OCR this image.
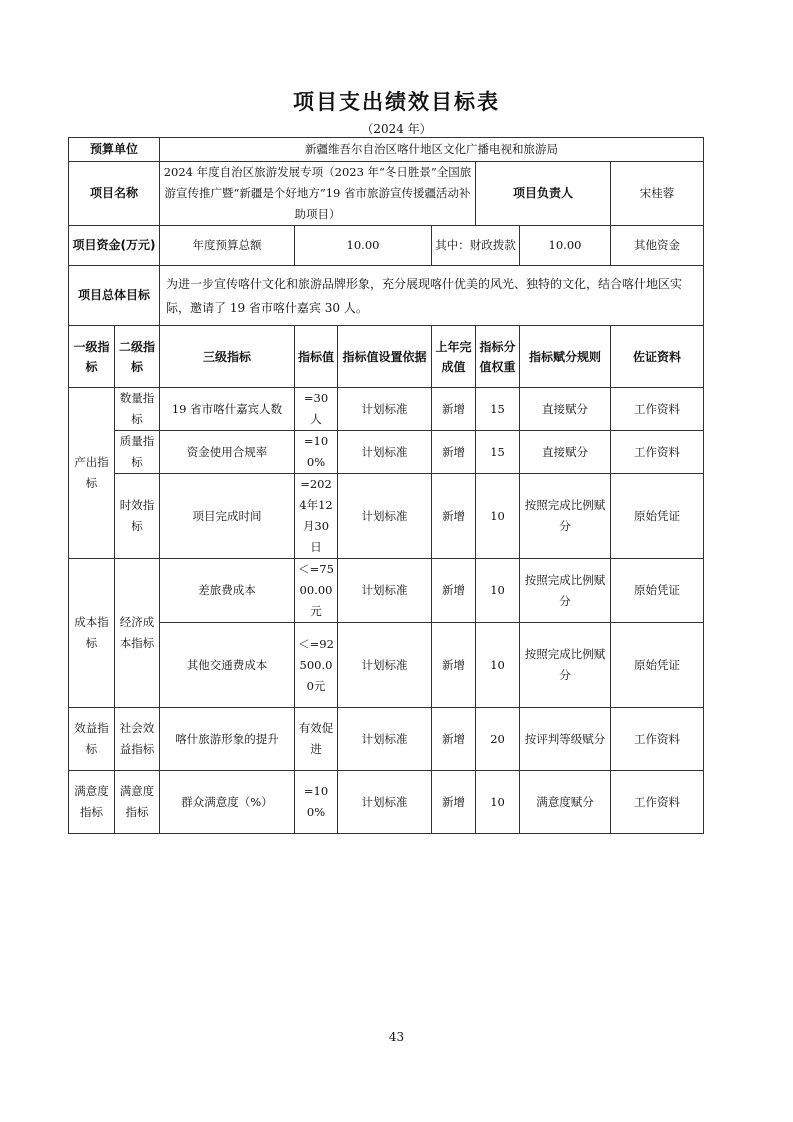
项目支出绩效目标表
（2024 年）
预算单位		新疆维吾尔自治区喀什地区文化广播电视和旅游局						
项目名称		2024 年度自治区旅游发展专项（2023 年“冬日胜景”全国旅游宣传推广暨“新疆是个好地方”19 省市旅游宣传援疆活动补助项目）				项目负责人		宋桂蓉
项目资金(万元)		年度预算总额	10.00		其中：财政拨款		10.00	其他资金
项目总体目标		为进一步宣传喀什文化和旅游品牌形象，充分展现喀什优美的风光、独特的文化，结合喀什地区实际，邀请了 19 省市喀什嘉宾 30 人。						
一级指标	二级指标	三级指标	指标值	指标值设置依据	上年完成值	指标分值权重	指标赋分规则	佐证资料
产出指标	数量指标	19 省市喀什嘉宾人数	=30 人	计划标准	新增	15	直接赋分	工作资料
	质量指标	资金使用合规率	=100%	计划标准	新增	15	直接赋分	工作资料
	时效指标	项目完成时间	=2024年12月30日	计划标准	新增	10	按照完成比例赋分	原始凭证
成本指标	经济成本指标	差旅费成本	＜=7500.00元	计划标准	新增	10	按照完成比例赋分	原始凭证
		其他交通费成本	＜=92500.00元	计划标准	新增	10	按照完成比例赋分	原始凭证
效益指标	社会效益指标	喀什旅游形象的提升	有效促进	计划标准	新增	20	按评判等级赋分	工作资料
满意度指标	满意度指标	群众满意度（%）	=100%	计划标准	新增	10	满意度赋分	工作资料
43
